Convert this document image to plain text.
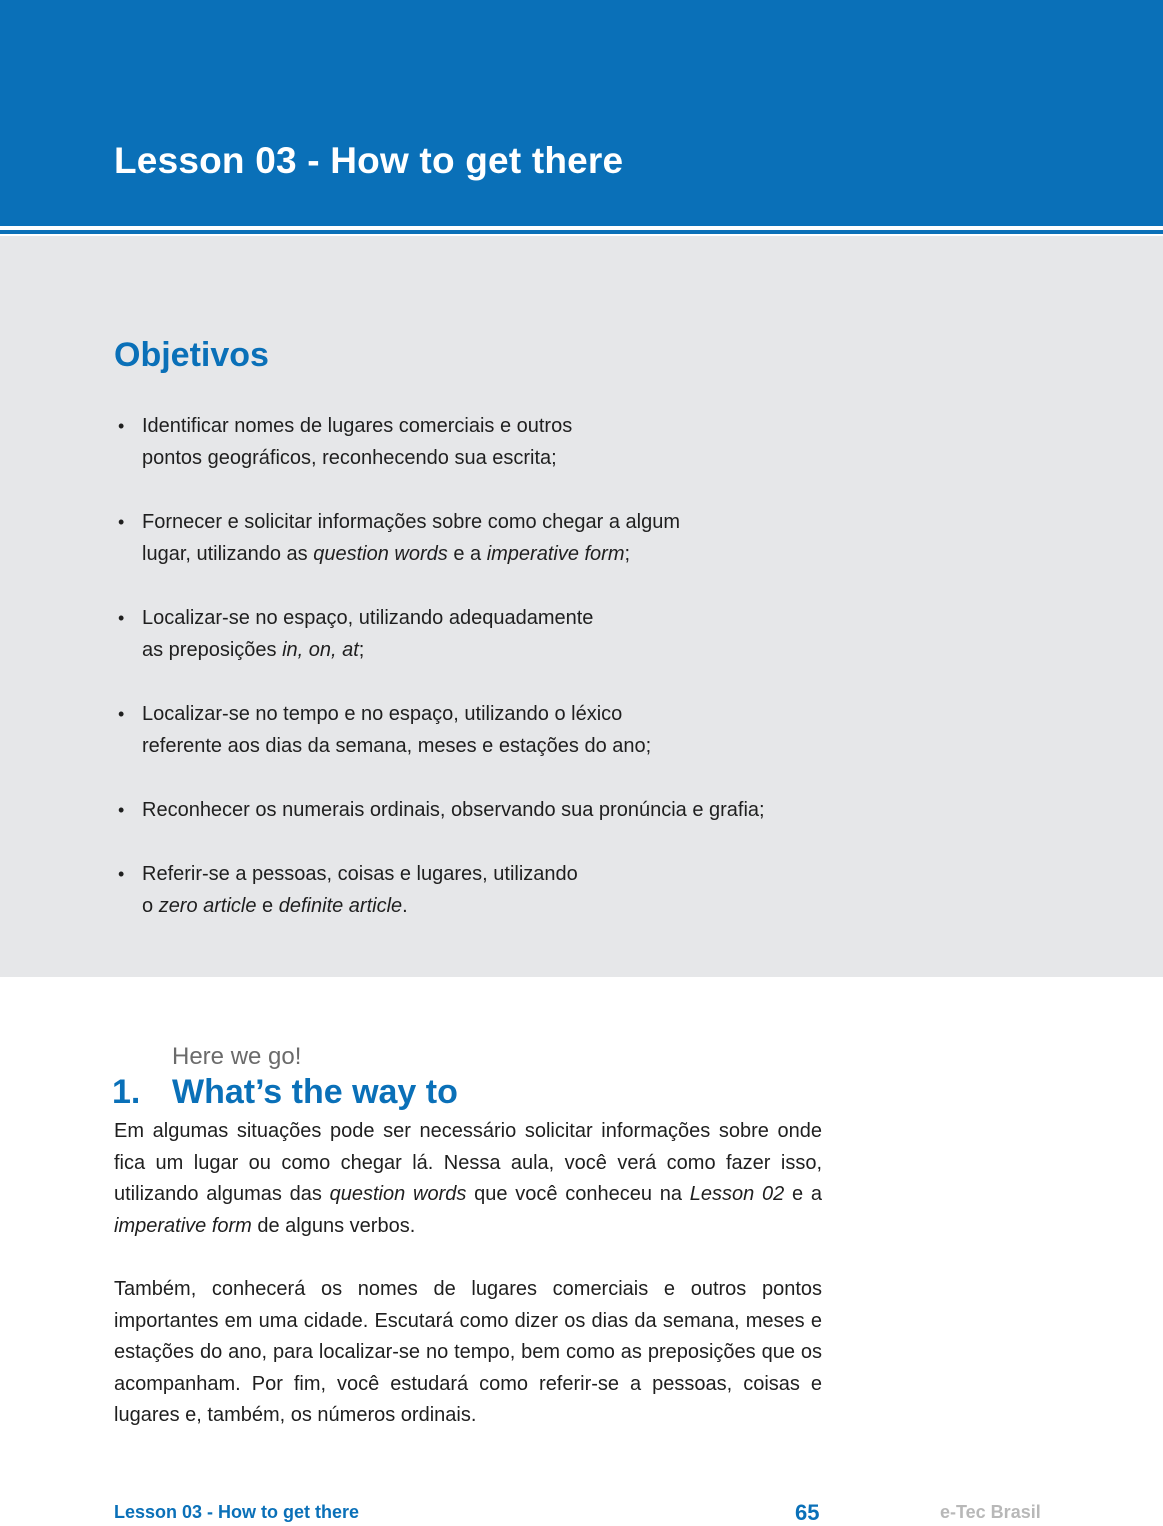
Lesson 03 - How to get there
Objetivos
• Identificar nomes de lugares comerciais e outros
pontos geográficos, reconhecendo sua escrita;
• Fornecer e solicitar informações sobre como chegar a algum
lugar, utilizando as question words e a imperative form;
• Localizar-se no espaço, utilizando adequadamente
as preposições in, on, at;
• Localizar-se no tempo e no espaço, utilizando o léxico
referente aos dias da semana, meses e estações do ano;
• Reconhecer os numerais ordinais, observando sua pronúncia e grafia;
• Referir-se a pessoas, coisas e lugares, utilizando
o zero article e definite article.
Here we go!
1. What’s the way to
Em algumas situações pode ser necessário solicitar informações sobre onde fica um lugar ou como chegar lá. Nessa aula, você verá como fazer isso, utilizando algumas das question words que você conheceu na Lesson 02 e a imperative form de alguns verbos.
Também, conhecerá os nomes de lugares comerciais e outros pontos importantes em uma cidade. Escutará como dizer os dias da semana, meses e estações do ano, para localizar-se no tempo, bem como as preposições que os acompanham. Por fim, você estudará como referir-se a pessoas, coisas e lugares e, também, os números ordinais.
Lesson 03 - How to get there	65	e-Tec Brasil
